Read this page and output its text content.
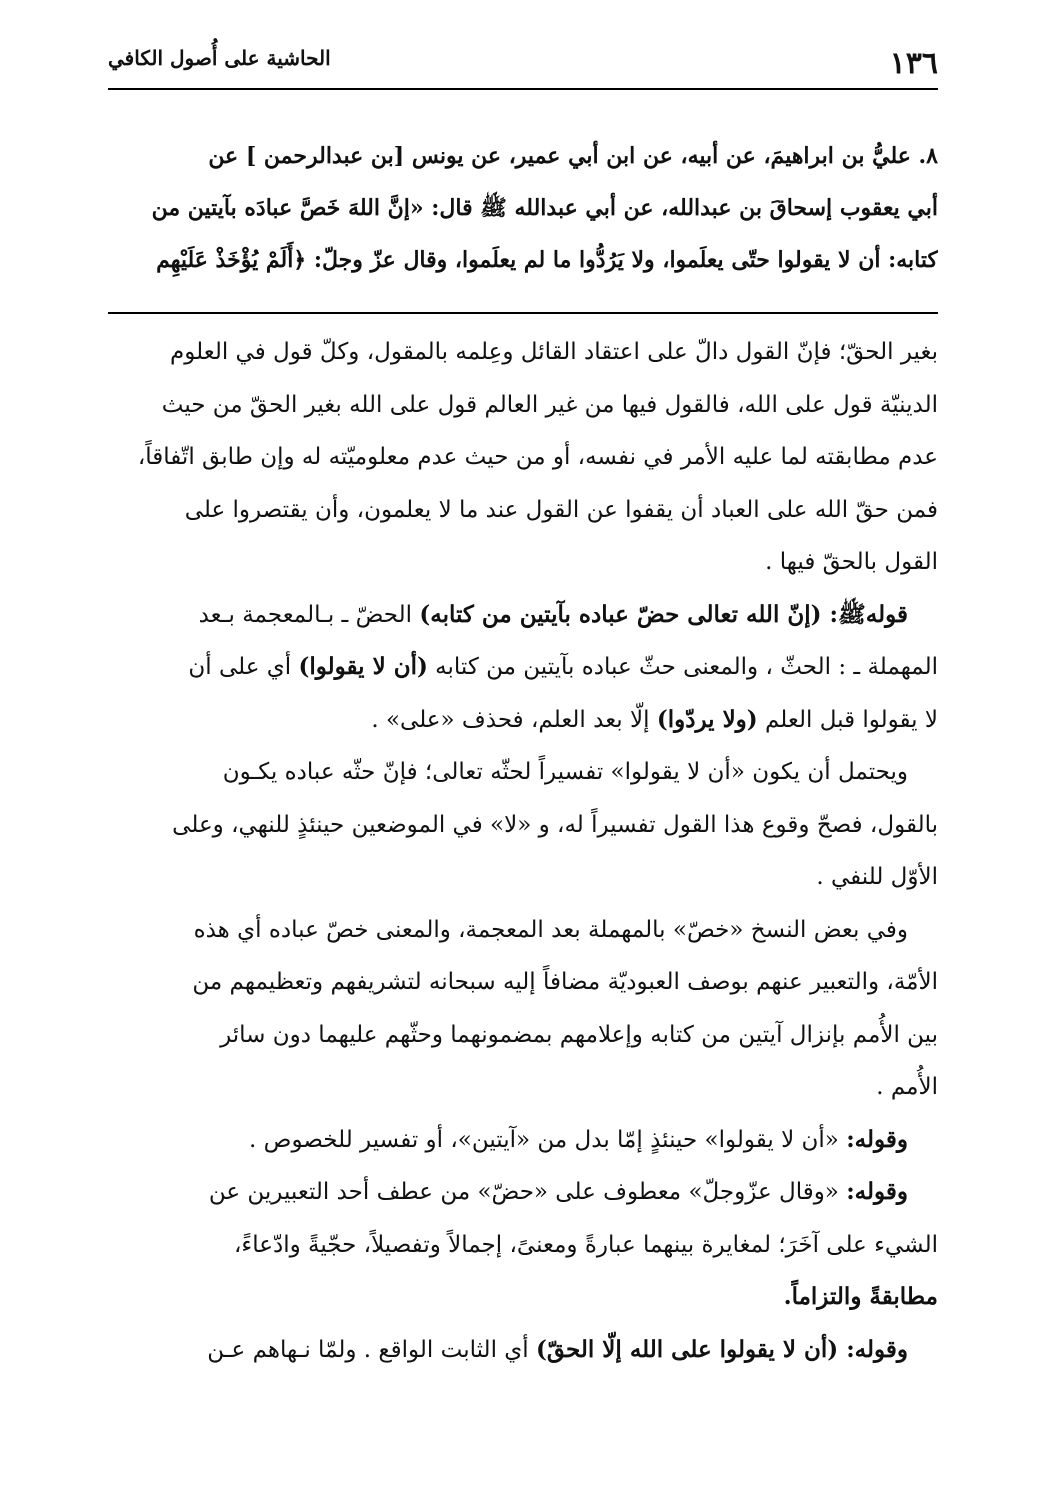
١٣٦
الحاشية على أُصول الكافي

٨. عليُّ بن ابراهيمَ، عن أبيه، عن ابن أبي عمير، عن يونس [بن عبدالرحمن ] عن

أبي يعقوب إسحاقَ بن عبدالله، عن أبي عبدالله ﷺ قال: «إنَّ اللهَ خَصَّ عبادَه بآيتين من

كتابه: أن لا يقولوا حتّى يعلَموا، ولا يَرُدُّوا ما لم يعلَموا، وقال عزّ وجلّ: ﴿أَلَمْ يُؤْخَذْ عَلَيْهِم

بغير الحقّ؛ فإنّ القول دالّ على اعتقاد القائل وعِلمه بالمقول، وكلّ قول في العلوم

الدينيّة قول على الله، فالقول فيها من غير العالم قول على الله بغير الحقّ من حيث

عدم مطابقته لما عليه الأمر في نفسه، أو من حيث عدم معلوميّته له وإن طابق اتّفاقاً،

فمن حقّ الله على العباد أن يقفوا عن القول عند ما لا يعلمون، وأن يقتصروا على

القول بالحقّ فيها .

قولهﷺ: (إنّ الله تعالى حضّ عباده بآيتين من كتابه) الحضّ ـ بـالمعجمة بـعد

المهملة ـ : الحثّ ، والمعنى حثّ عباده بآيتين من كتابه (أن لا يقولوا) أي على أن

لا يقولوا قبل العلم (ولا يردّوا) إلّا بعد العلم، فحذف «على» .

ويحتمل أن يكون «أن لا يقولوا» تفسيراً لحثّه تعالى؛ فإنّ حثّه عباده يكـون

بالقول، فصحّ وقوع هذا القول تفسيراً له، و «لا» في الموضعين حينئذٍ للنهي، وعلى

الأوّل للنفي .

وفي بعض النسخ «خصّ» بالمهملة بعد المعجمة، والمعنى خصّ عباده أي هذه

الأمّة، والتعبير عنهم بوصف العبوديّة مضافاً إليه سبحانه لتشريفهم وتعظيمهم من

بين الأُمم بإنزال آيتين من كتابه وإعلامهم بمضمونهما وحثّهم عليهما دون سائر

الأُمم .

وقوله: «أن لا يقولوا» حينئذٍ إمّا بدل من «آيتين»، أو تفسير للخصوص .

وقوله: «وقال عزّوجلّ» معطوف على «حضّ» من عطف أحد التعبيرين عن

الشيء على آخَرَ؛ لمغايرة بينهما عبارةً ومعنىً، إجمالاً وتفصيلاً، حجّيةً وادّعاءً،

مطابقةً والتزاماً.

وقوله: (أن لا يقولوا على الله إلّا الحقّ) أي الثابت الواقع . ولمّا نـهاهم عـن
